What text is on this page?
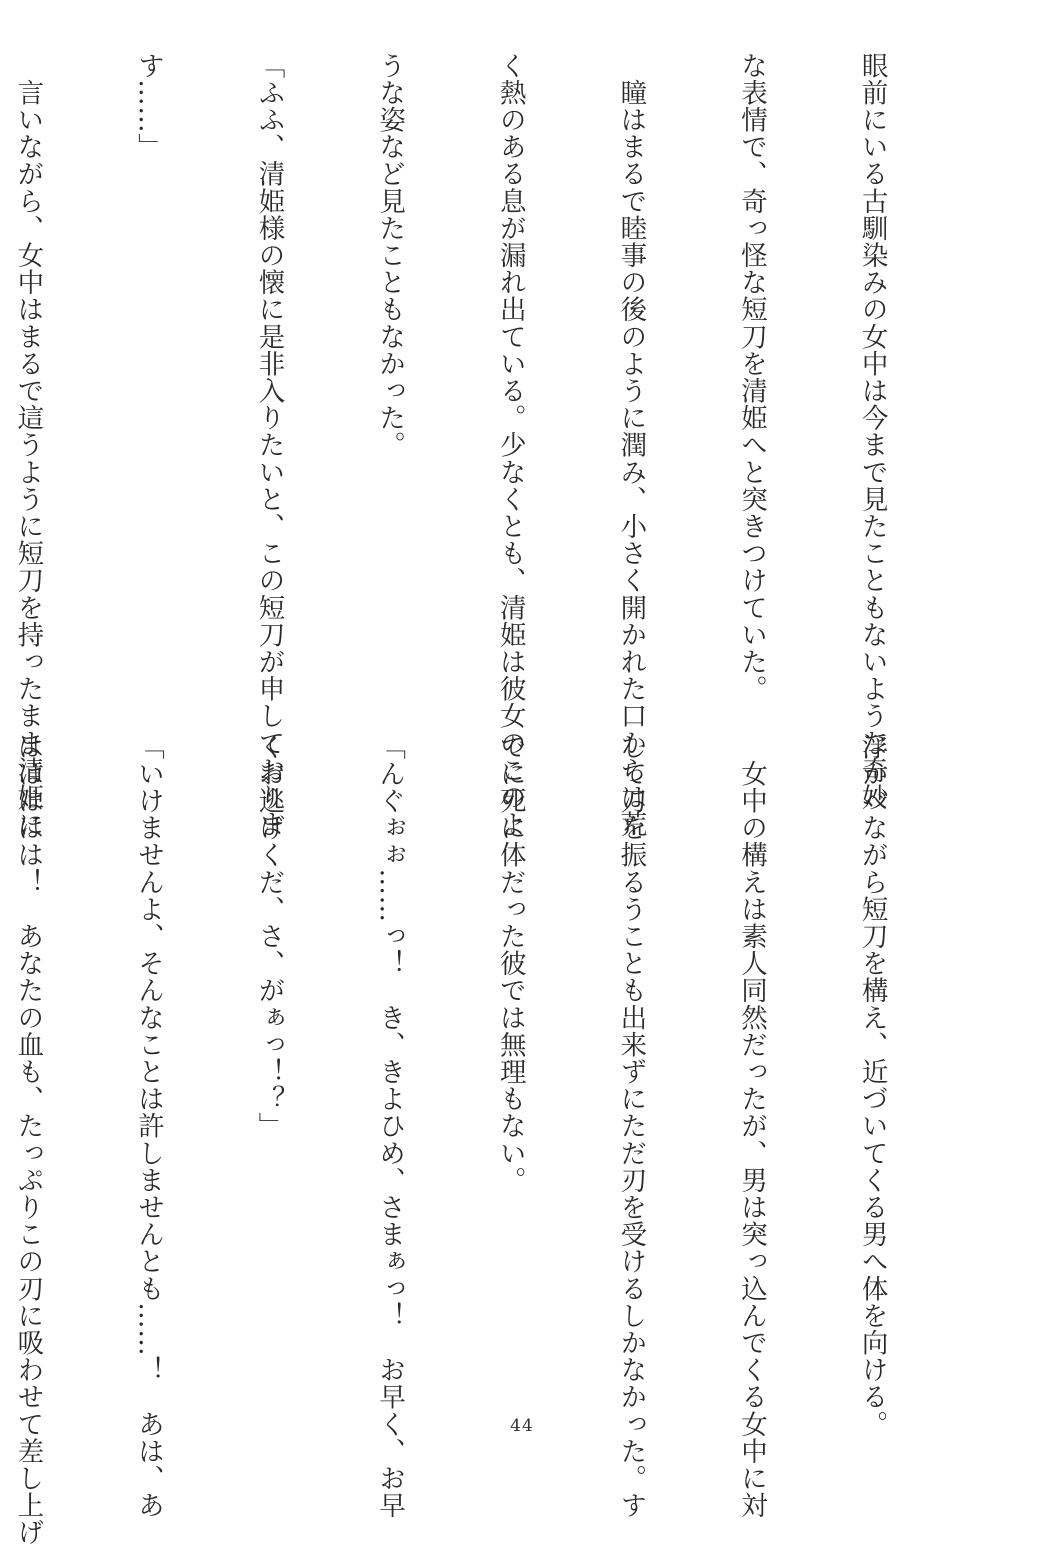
眼前にいる古馴染みの女中は今まで見たこともないような奇妙

な表情で、奇っ怪な短刀を清姫へと突きつけていた。

　瞳はまるで睦事の後のように潤み、小さく開かれた口からは荒

く熱のある息が漏れ出ている。少なくとも、清姫は彼女のこのよ

うな姿など見たこともなかった。

「ふふ、清姫様の懐に是非入りたいと、この短刀が申しておりま

す……」

　言いながら、女中はまるで這うように短刀を持ったまま清姫に

浮かべながら短刀を構え、近づいてくる男へ体を向ける。

　女中の構えは素人同然だったが、男は突っ込んでくる女中に対

して刀を振るうことも出来ずにただ刃を受けるしかなかった。す

でに死に体だった彼では無理もない。

「んぐぉぉ……っ！　き、きよひめ、さまぁっ！　お早く、お早

くお逃げくだ、さ、がぁっ！？」

「いけませんよ、そんなことは許しませんとも……！　あは、あ

ははははは！　あなたの血も、たっぷりこの刃に吸わせて差し上げ

	44
